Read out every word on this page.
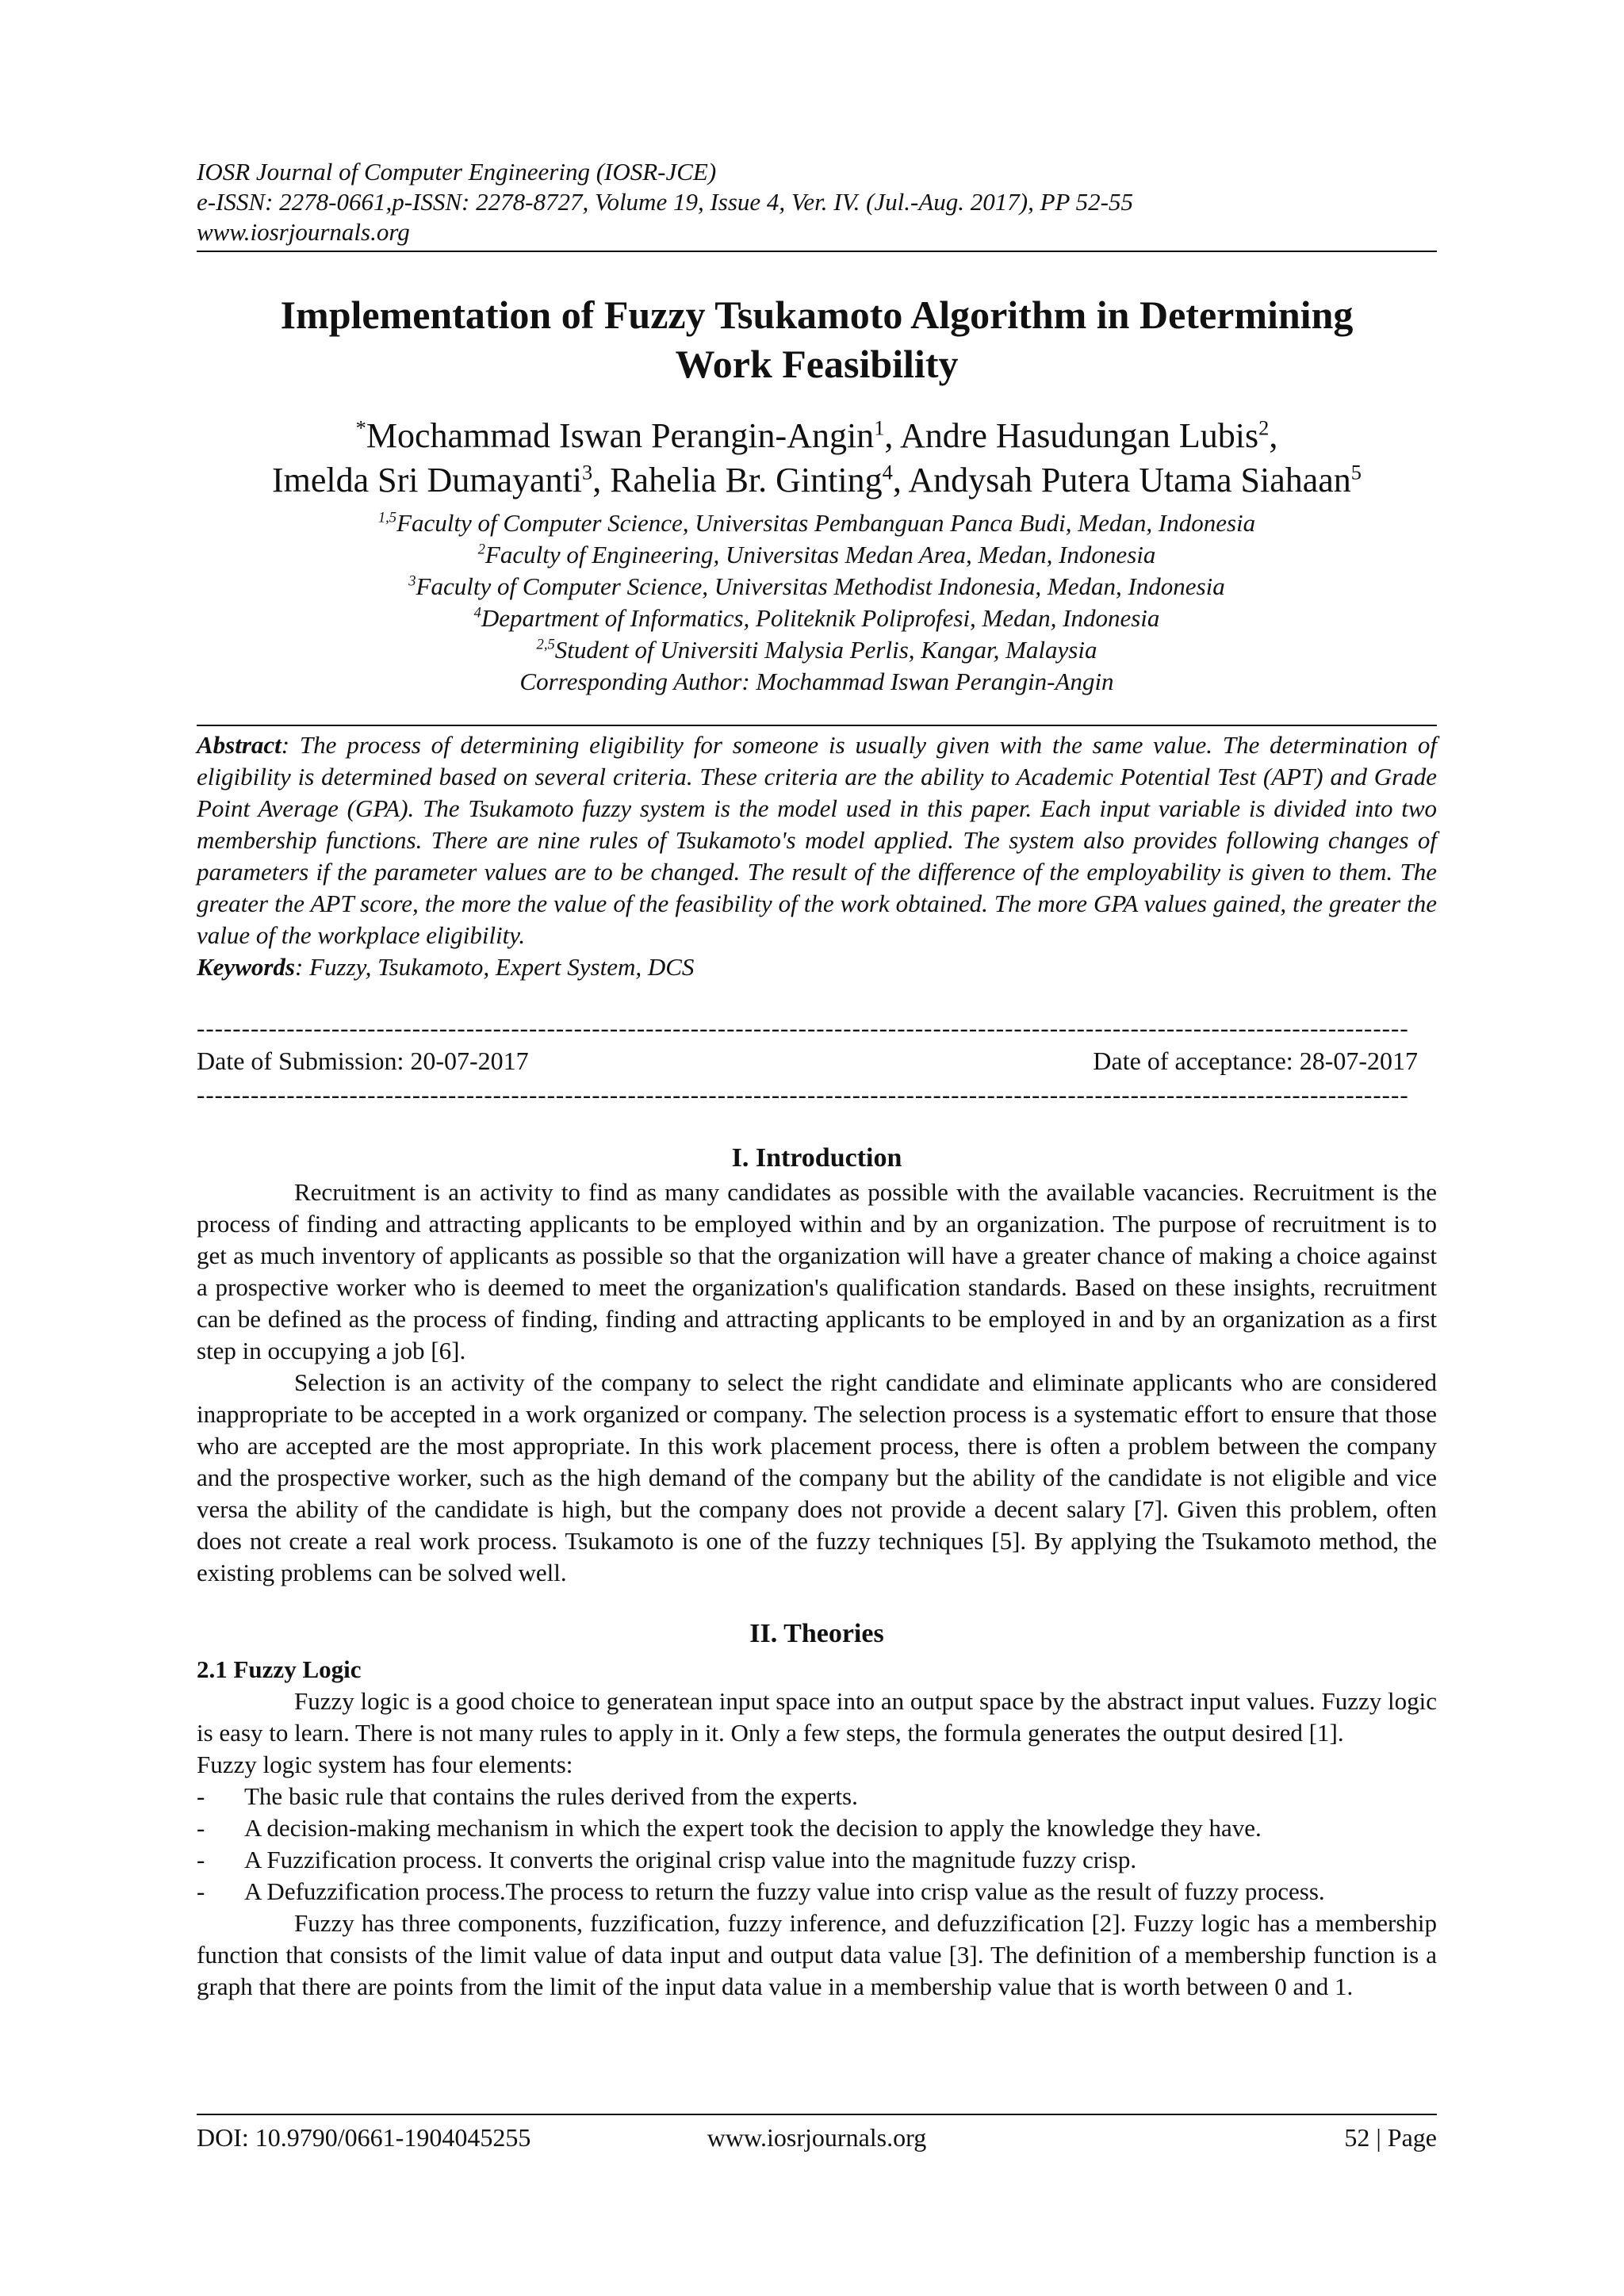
IOSR Journal of Computer Engineering (IOSR-JCE)
e-ISSN: 2278-0661,p-ISSN: 2278-8727, Volume 19, Issue 4, Ver. IV. (Jul.-Aug. 2017), PP 52-55
www.iosrjournals.org
Implementation of Fuzzy Tsukamoto Algorithm in Determining
Work Feasibility
*Mochammad Iswan Perangin-Angin$^1$, Andre Hasudungan Lubis$^2$,
Imelda Sri Dumayanti$^3$, Rahelia Br. Ginting$^4$, Andysah Putera Utama Siahaan$^5$
$^{1,5}$Faculty of Computer Science, Universitas Pembanguan Panca Budi, Medan, Indonesia
$^2$Faculty of Engineering, Universitas Medan Area, Medan, Indonesia
$^3$Faculty of Computer Science, Universitas Methodist Indonesia, Medan, Indonesia
$^4$Department of Informatics, Politeknik Poliprofesi, Medan, Indonesia
$^{2,5}$Student of Universiti Malysia Perlis, Kangar, Malaysia
Corresponding Author: Mochammad Iswan Perangin-Angin
Abstract: The process of determining eligibility for someone is usually given with the same value. The determination of eligibility is determined based on several criteria. These criteria are the ability to Academic Potential Test (APT) and Grade Point Average (GPA). The Tsukamoto fuzzy system is the model used in this paper. Each input variable is divided into two membership functions. There are nine rules of Tsukamoto's model applied. The system also provides following changes of parameters if the parameter values are to be changed. The result of the difference of the employability is given to them. The greater the APT score, the more the value of the feasibility of the work obtained. The more GPA values gained, the greater the value of the workplace eligibility.
Keywords: Fuzzy, Tsukamoto, Expert System, DCS
---------------------------------------------------------------------------------------------------------------------------------------
Date of Submission: 20-07-2017	Date of acceptance: 28-07-2017
---------------------------------------------------------------------------------------------------------------------------------------
I. Introduction

Recruitment is an activity to find as many candidates as possible with the available vacancies. Recruitment is the process of finding and attracting applicants to be employed within and by an organization. The purpose of recruitment is to get as much inventory of applicants as possible so that the organization will have a greater chance of making a choice against a prospective worker who is deemed to meet the organization's qualification standards. Based on these insights, recruitment can be defined as the process of finding, finding and attracting applicants to be employed in and by an organization as a first step in occupying a job [6].

Selection is an activity of the company to select the right candidate and eliminate applicants who are considered inappropriate to be accepted in a work organized or company. The selection process is a systematic effort to ensure that those who are accepted are the most appropriate. In this work placement process, there is often a problem between the company and the prospective worker, such as the high demand of the company but the ability of the candidate is not eligible and vice versa the ability of the candidate is high, but the company does not provide a decent salary [7]. Given this problem, often does not create a real work process. Tsukamoto is one of the fuzzy techniques [5]. By applying the Tsukamoto method, the existing problems can be solved well.

II. Theories
2.1 Fuzzy Logic

Fuzzy logic is a good choice to generatean input space into an output space by the abstract input values. Fuzzy logic is easy to learn. There is not many rules to apply in it. Only a few steps, the formula generates the output desired [1].

Fuzzy logic system has four elements:

- The basic rule that contains the rules derived from the experts.
- A decision-making mechanism in which the expert took the decision to apply the knowledge they have.
- A Fuzzification process. It converts the original crisp value into the magnitude fuzzy crisp.
- A Defuzzification process.The process to return the fuzzy value into crisp value as the result of fuzzy process.

Fuzzy has three components, fuzzification, fuzzy inference, and defuzzification [2]. Fuzzy logic has a membership function that consists of the limit value of data input and output data value [3]. The definition of a membership function is a graph that there are points from the limit of the input data value in a membership value that is worth between 0 and 1.

DOI: 10.9790/0661-1904045255	www.iosrjournals.org	52 | Page
